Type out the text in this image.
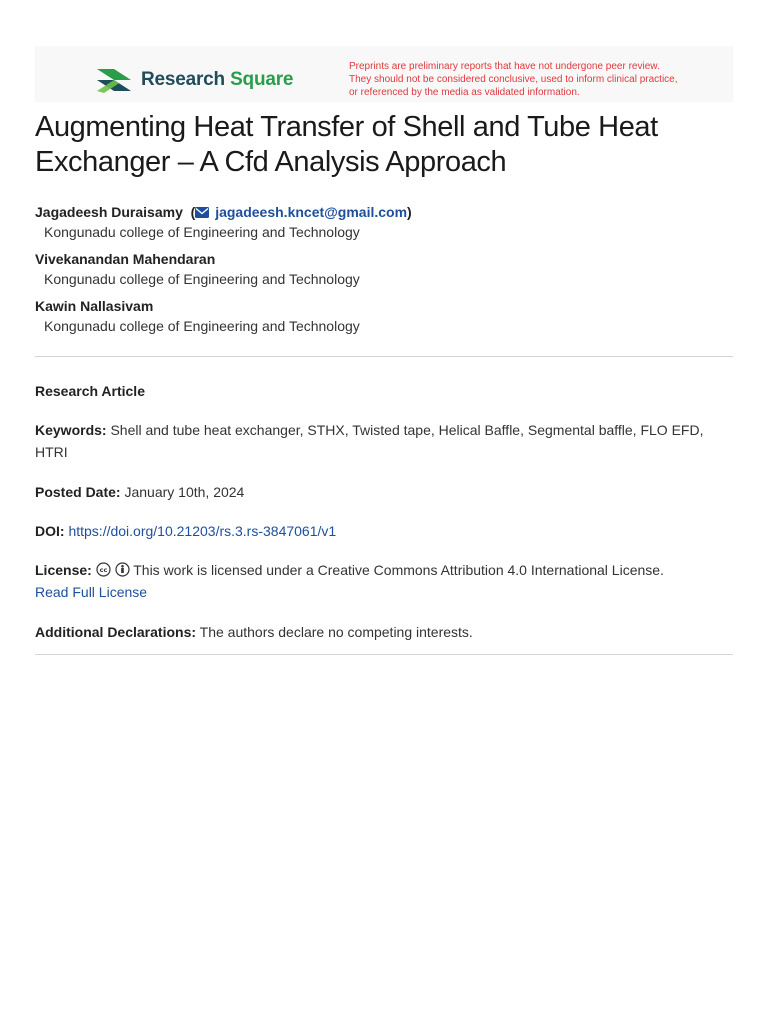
Research Square
Preprints are preliminary reports that have not undergone peer review.
They should not be considered conclusive, used to inform clinical practice,
or referenced by the media as validated information.
Augmenting Heat Transfer of Shell and Tube Heat Exchanger – A Cfd Analysis Approach
Jagadeesh Duraisamy  ( jagadeesh.kncet@gmail.com)
Kongunadu college of Engineering and Technology
Vivekanandan Mahendaran
Kongunadu college of Engineering and Technology
Kawin Nallasivam
Kongunadu college of Engineering and Technology
Research Article
Keywords: Shell and tube heat exchanger, STHX, Twisted tape, Helical Baffle, Segmental baffle, FLO EFD, HTRI
Posted Date: January 10th, 2024
DOI: https://doi.org/10.21203/rs.3.rs-3847061/v1
License: cc This work is licensed under a Creative Commons Attribution 4.0 International License.
Read Full License
Additional Declarations: The authors declare no competing interests.
